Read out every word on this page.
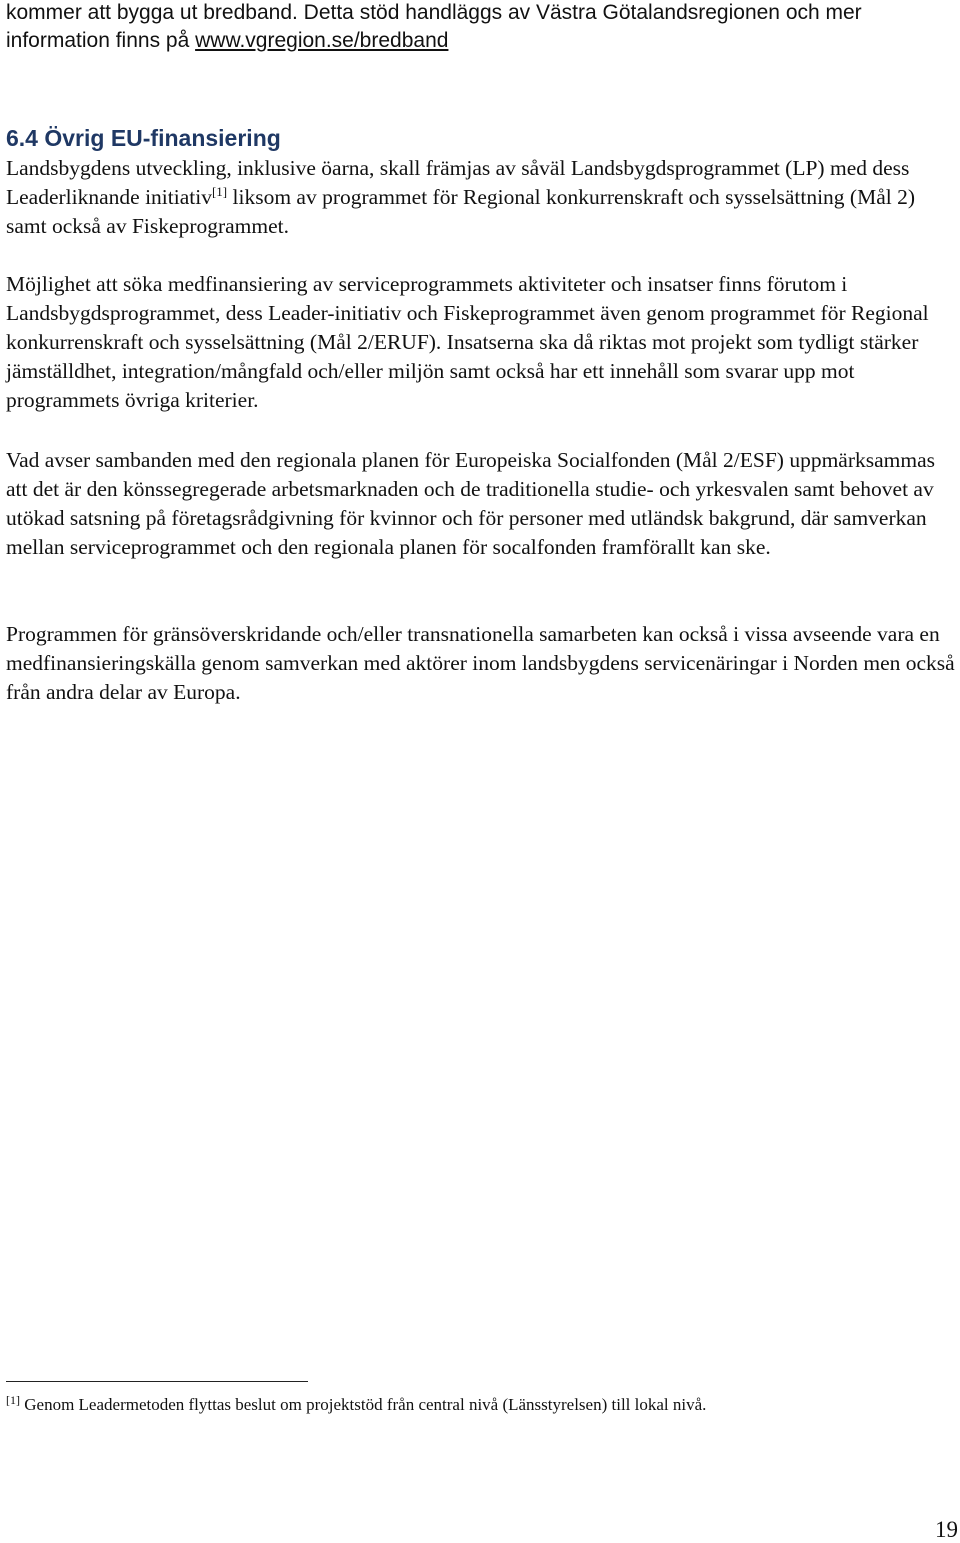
kommer att bygga ut bredband. Detta stöd handläggs av Västra Götalandsregionen och mer
information finns på www.vgregion.se/bredband

6.4 Övrig EU-finansiering

Landsbygdens utveckling, inklusive öarna, skall främjas av såväl Landsbygdsprogrammet (LP) med dess Leaderliknande initiativ[1] liksom av programmet för Regional konkurrenskraft och sysselsättning (Mål 2) samt också av Fiskeprogrammet.

Möjlighet att söka medfinansiering av serviceprogrammets aktiviteter och insatser finns förutom i Landsbygdsprogrammet, dess Leader-initiativ och Fiskeprogrammet även genom programmet för Regional konkurrenskraft och sysselsättning (Mål 2/ERUF). Insatserna ska då riktas mot projekt som tydligt stärker jämställdhet, integration/mångfald och/eller miljön samt också har ett innehåll som svarar upp mot programmets övriga kriterier.

Vad avser sambanden med den regionala planen för Europeiska Socialfonden (Mål 2/ESF) uppmärksammas att det är den könssegregerade arbetsmarknaden och de traditionella studie- och yrkesvalen samt behovet av utökad satsning på företagsrådgivning för kvinnor och för personer med utländsk bakgrund, där samverkan mellan serviceprogrammet och den regionala planen för socalfonden framförallt kan ske.

Programmen för gränsöverskridande och/eller transnationella samarbeten kan också i vissa avseende vara en medfinansieringskälla genom samverkan med aktörer inom landsbygdens servicenäringar i Norden men också från andra delar av Europa.

[1] Genom Leadermetoden flyttas beslut om projektstöd från central nivå (Länsstyrelsen) till lokal nivå.

19
